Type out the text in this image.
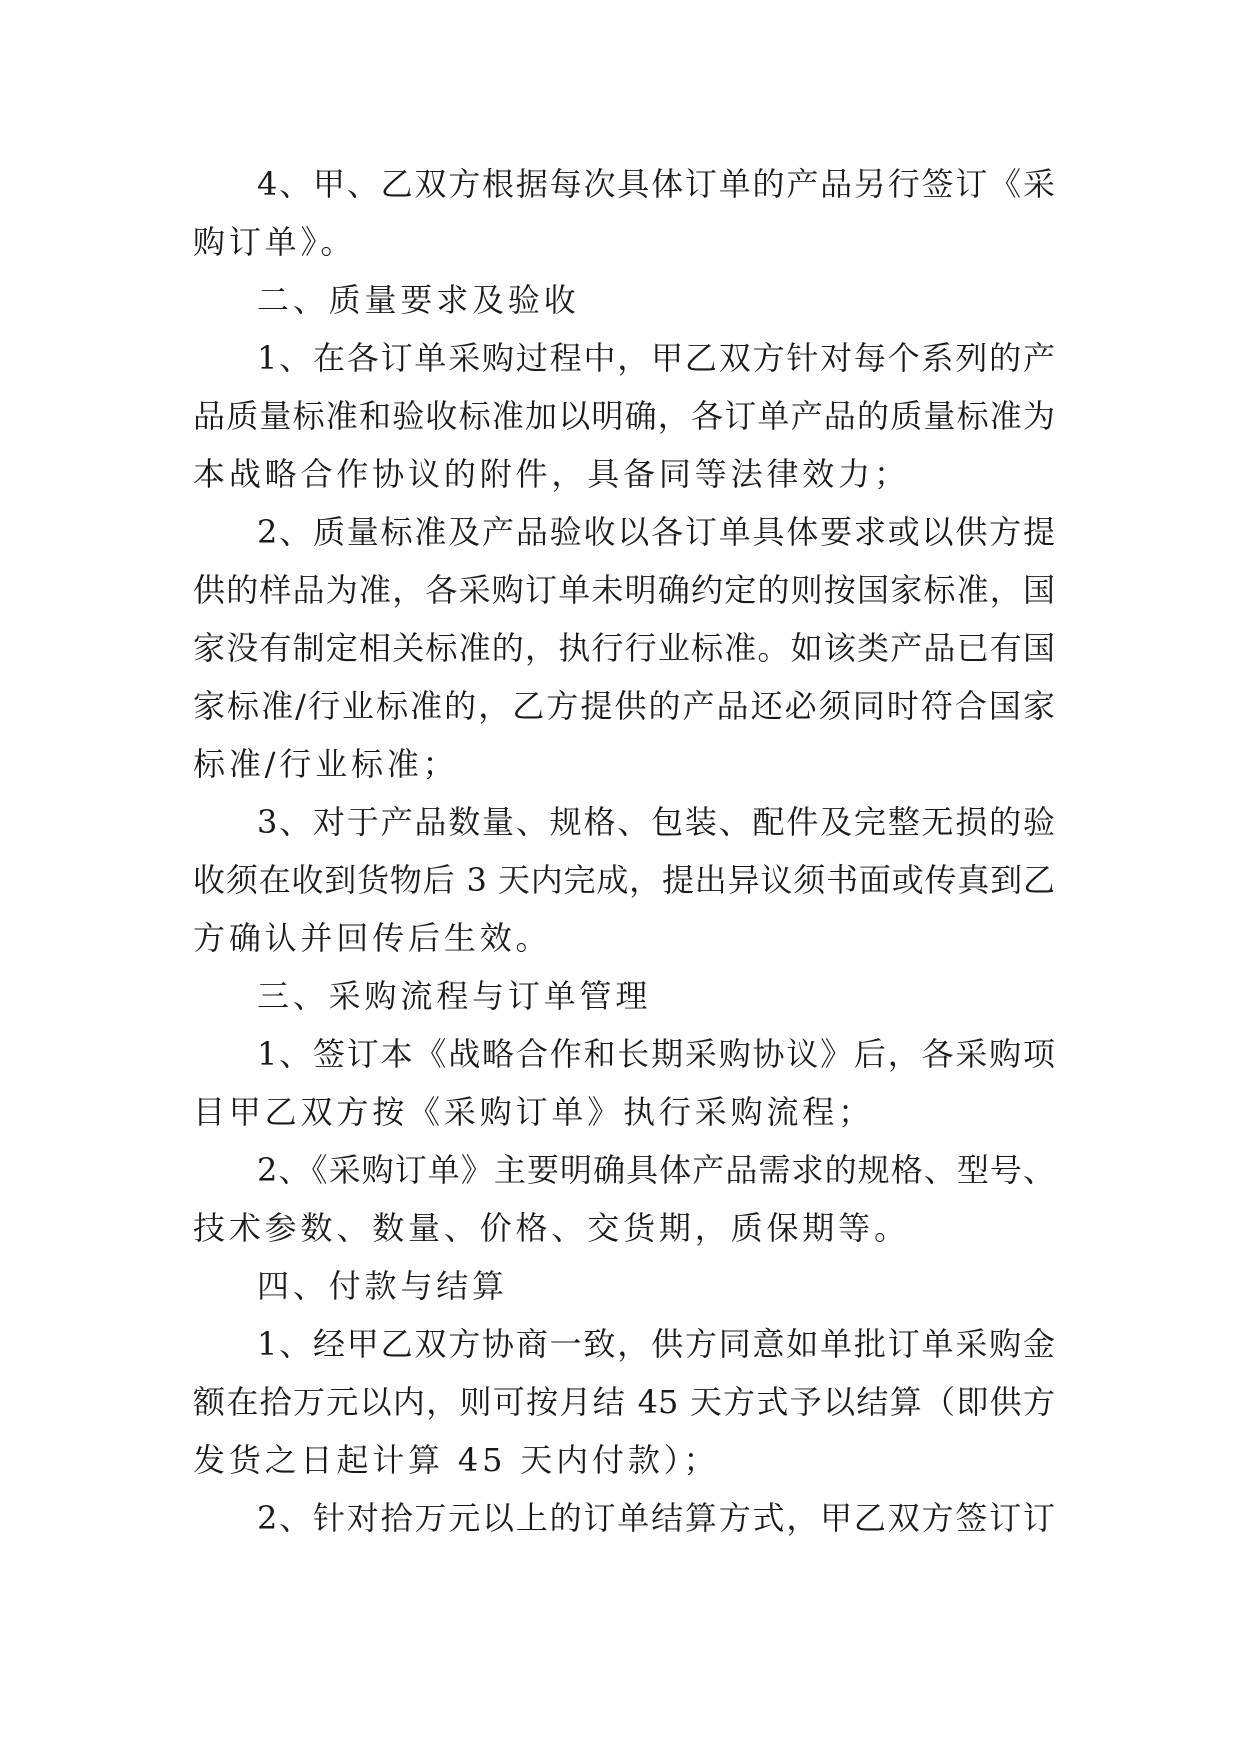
4、甲、乙双方根据每次具体订单的产品另行签订《采
购订单》。
二、质量要求及验收
1、在各订单采购过程中，甲乙双方针对每个系列的产
品质量标准和验收标准加以明确，各订单产品的质量标准为
本战略合作协议的附件，具备同等法律效力；
2、质量标准及产品验收以各订单具体要求或以供方提
供的样品为准，各采购订单未明确约定的则按国家标准，国
家没有制定相关标准的，执行行业标准。如该类产品已有国
家标准/行业标准的，乙方提供的产品还必须同时符合国家
标准/行业标准；
3、对于产品数量、规格、包装、配件及完整无损的验
收须在收到货物后 3 天内完成，提出异议须书面或传真到乙
方确认并回传后生效。
三、采购流程与订单管理
1、签订本《战略合作和长期采购协议》后，各采购项
目甲乙双方按《采购订单》执行采购流程；
2、《采购订单》主要明确具体产品需求的规格、型号、
技术参数、数量、价格、交货期，质保期等。
四、付款与结算
1、经甲乙双方协商一致，供方同意如单批订单采购金
额在拾万元以内，则可按月结 45 天方式予以结算（即供方
发货之日起计算 45 天内付款）；
2、针对拾万元以上的订单结算方式，甲乙双方签订订
